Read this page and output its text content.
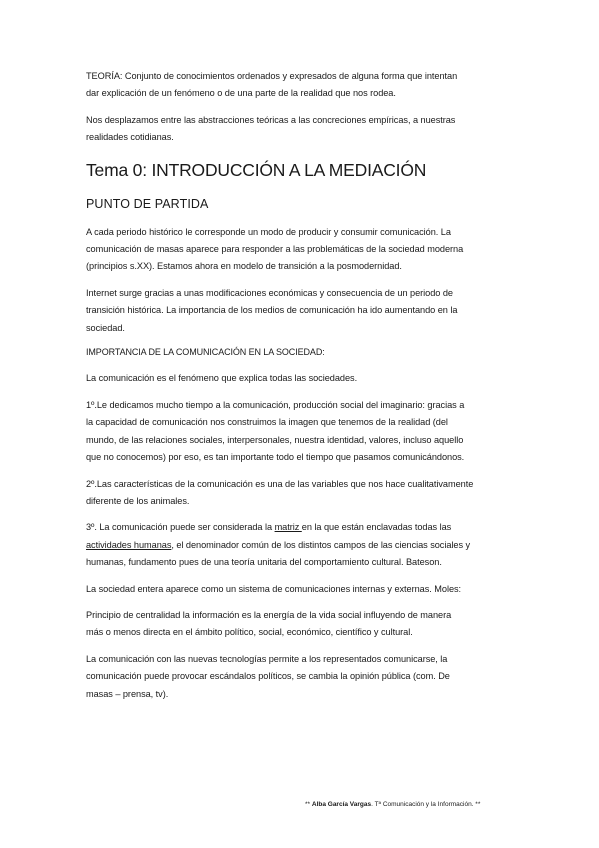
TEORÍA: Conjunto de conocimientos ordenados y expresados de alguna forma que intentan

dar explicación de un fenómeno o de una parte de la realidad que nos rodea.

Nos desplazamos entre las abstracciones teóricas a las concreciones empíricas, a nuestras

realidades cotidianas.

Tema 0: INTRODUCCIÓN A LA MEDIACIÓN
PUNTO DE PARTIDA

A cada periodo histórico le corresponde un modo de producir y consumir comunicación. La

comunicación de masas aparece para responder a las problemáticas de la sociedad moderna

(principios s.XX). Estamos ahora en modelo de transición a la posmodernidad.

Internet surge gracias a unas modificaciones económicas y consecuencia de un periodo de

transición histórica. La importancia de los medios de comunicación ha ido aumentando en la

sociedad.

IMPORTANCIA DE LA COMUNICACIÓN EN LA SOCIEDAD:

La comunicación es el fenómeno que explica todas las sociedades.

1º.Le dedicamos mucho tiempo a la comunicación, producción social del imaginario: gracias a

la capacidad de comunicación nos construimos la imagen que tenemos de la realidad (del

mundo, de las relaciones sociales, interpersonales, nuestra identidad, valores, incluso aquello

que no conocemos) por eso, es tan importante todo el tiempo que pasamos comunicándonos.

2º.Las características de la comunicación es una de las variables que nos hace cualitativamente

diferente de los animales.

3º. La comunicación puede ser considerada la matriz en la que están enclavadas todas las

actividades humanas, el denominador común de los distintos campos de las ciencias sociales y

humanas, fundamento pues de una teoría unitaria del comportamiento cultural. Bateson.

La sociedad entera aparece como un sistema de comunicaciones internas y externas. Moles:

Principio de centralidad la información es la energía de la vida social influyendo de manera

más o menos directa en el ámbito político, social, económico, científico y cultural.

La comunicación con las nuevas tecnologías permite a los representados comunicarse, la

comunicación puede provocar escándalos políticos, se cambia la opinión pública (com. De

masas – prensa, tv).

** Alba García Vargas. Tª Comunicación y la Información. **
